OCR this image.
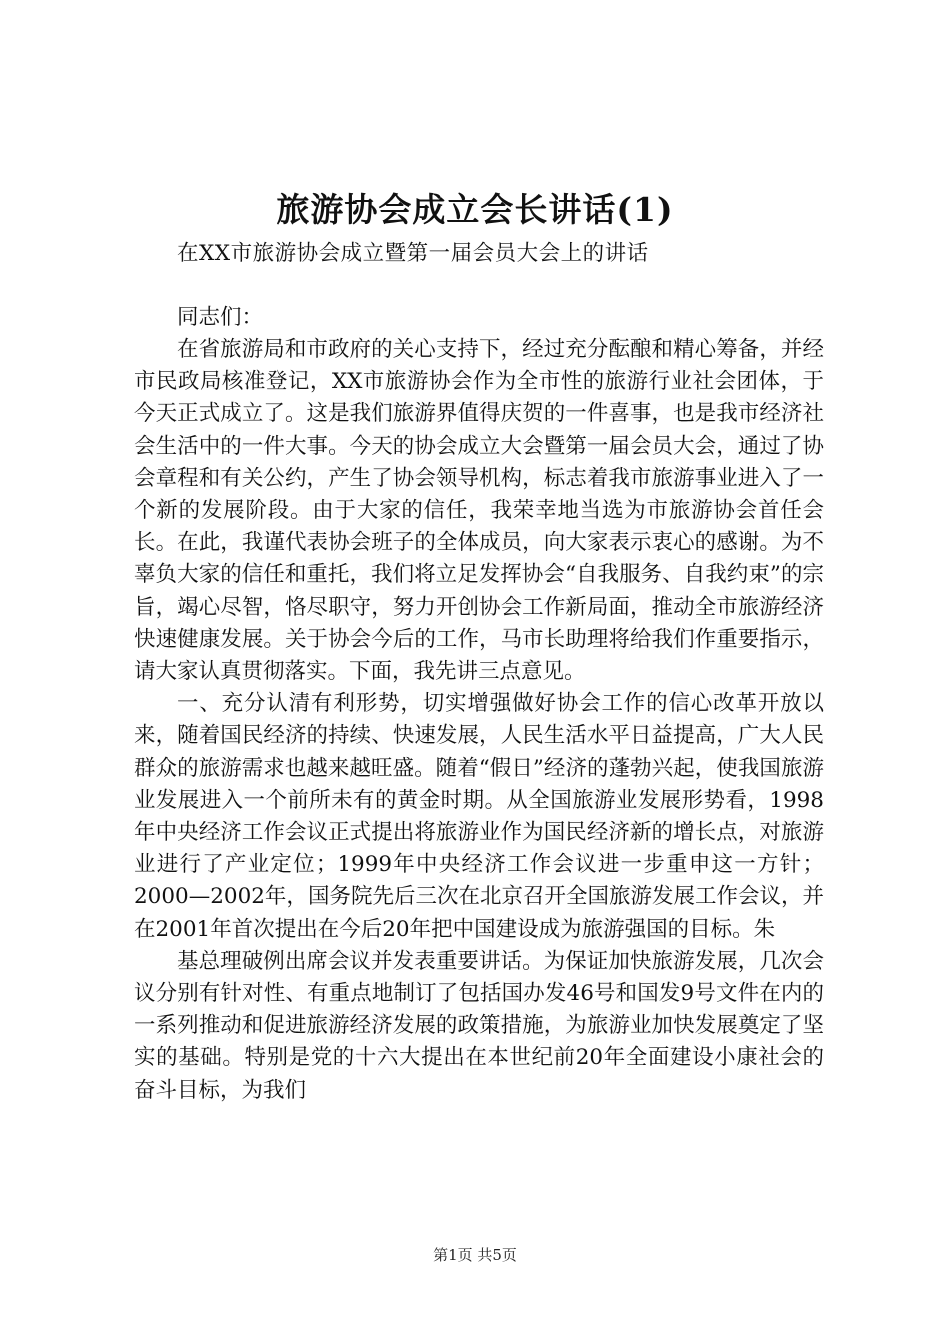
旅游协会成立会长讲话(1)
在XX市旅游协会成立暨第一届会员大会上的讲话
同志们：

在省旅游局和市政府的关心支持下，经过充分酝酿和精心筹备，并经市民政局核准登记，XX市旅游协会作为全市性的旅游行业社会团体，于今天正式成立了。这是我们旅游界值得庆贺的一件喜事，也是我市经济社会生活中的一件大事。今天的协会成立大会暨第一届会员大会，通过了协会章程和有关公约，产生了协会领导机构，标志着我市旅游事业进入了一个新的发展阶段。由于大家的信任，我荣幸地当选为市旅游协会首任会长。在此，我谨代表协会班子的全体成员，向大家表示衷心的感谢。为不辜负大家的信任和重托，我们将立足发挥协会“自我服务、自我约束”的宗旨，竭心尽智，恪尽职守，努力开创协会工作新局面，推动全市旅游经济快速健康发展。关于协会今后的工作，马市长助理将给我们作重要指示，请大家认真贯彻落实。下面，我先讲三点意见。

一、充分认清有利形势，切实增强做好协会工作的信心改革开放以来，随着国民经济的持续、快速发展，人民生活水平日益提高，广大人民群众的旅游需求也越来越旺盛。随着“假日”经济的蓬勃兴起，使我国旅游业发展进入一个前所未有的黄金时期。从全国旅游业发展形势看，1998年中央经济工作会议正式提出将旅游业作为国民经济新的增长点，对旅游业进行了产业定位；1999年中央经济工作会议进一步重申这一方针；2000—2002年，国务院先后三次在北京召开全国旅游发展工作会议，并在2001年首次提出在今后20年把中国建设成为旅游强国的目标。朱

基总理破例出席会议并发表重要讲话。为保证加快旅游发展，几次会议分别有针对性、有重点地制订了包括国办发46号和国发9号文件在内的一系列推动和促进旅游经济发展的政策措施，为旅游业加快发展奠定了坚实的基础。特别是党的十六大提出在本世纪前20年全面建设小康社会的奋斗目标，为我们

第1页 共5页
